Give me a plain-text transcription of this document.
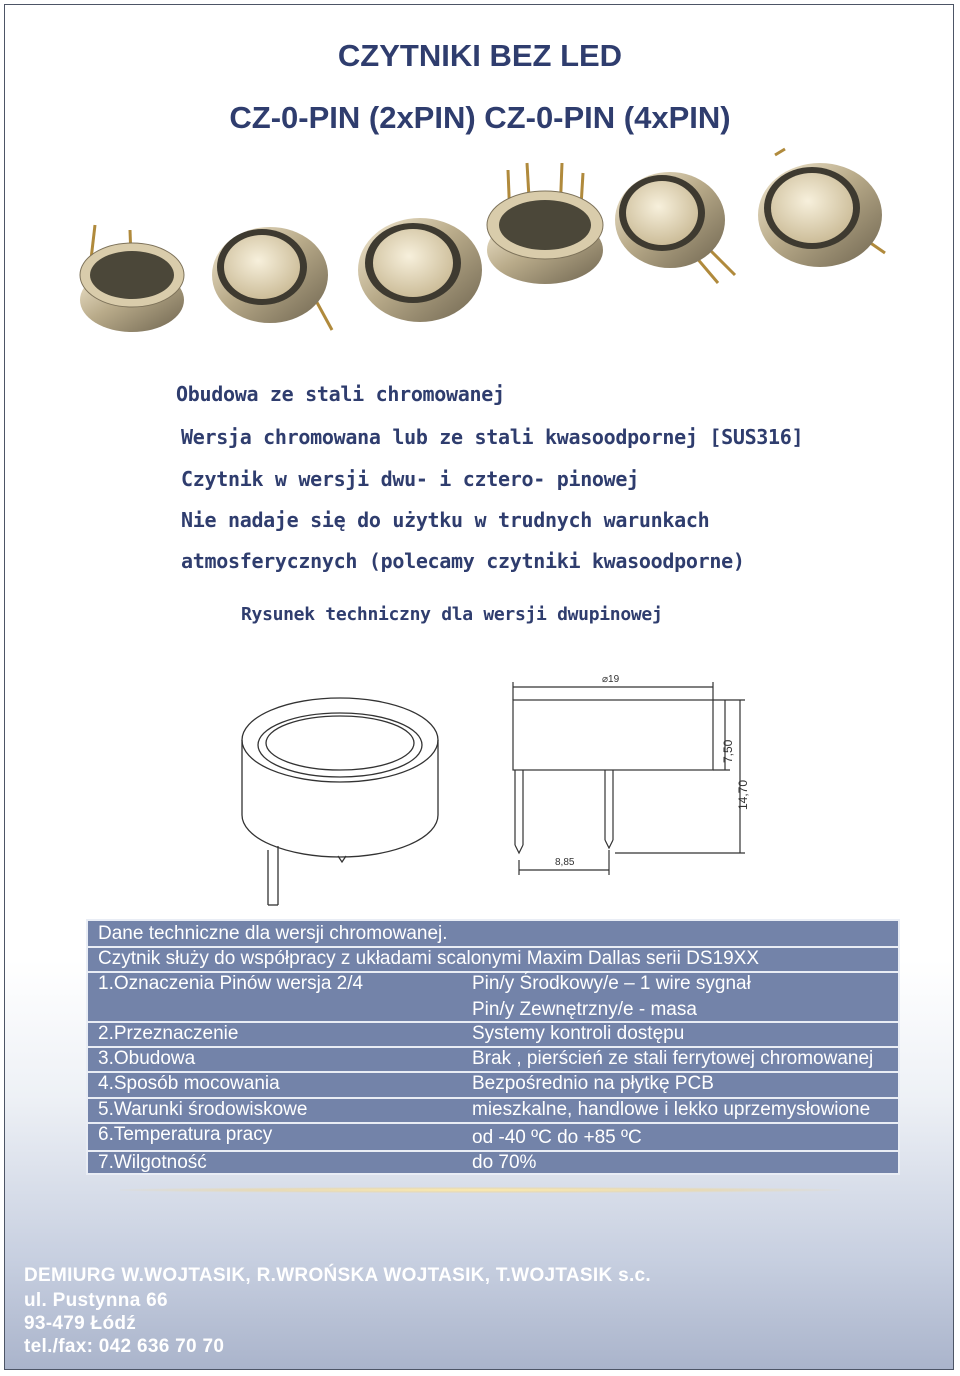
CZYTNIKI BEZ LED
CZ-0-PIN (2xPIN) CZ-0-PIN (4xPIN)
Obudowa ze stali chromowanej
Wersja chromowana lub ze stali kwasoodpornej [SUS316]
Czytnik w wersji dwu- i cztero- pinowej
Nie nadaje się do użytku w trudnych warunkach
atmosferycznych (polecamy czytniki kwasoodporne)
Rysunek techniczny dla wersji dwupinowej
⌀19
8,85
7,50
14,70
Dane techniczne dla wersji chromowanej.
Czytnik służy do współpracy z układami scalonymi Maxim Dallas serii DS19XX
1.Oznaczenia Pinów wersja 2/4	Pin/y Środkowy/e – 1 wire sygnał
Pin/y Zewnętrzny/e - masa
2.Przeznaczenie	Systemy kontroli dostępu
3.Obudowa	Brak , pierścień ze stali ferrytowej chromowanej
4.Sposób mocowania	Bezpośrednio na płytkę PCB
5.Warunki środowiskowe	mieszkalne, handlowe i lekko uprzemysłowione
6.Temperatura pracy	od -40 ºC do +85 ºC
7.Wilgotność	do 70%
DEMIURG W.WOJTASIK, R.WROŃSKA WOJTASIK, T.WOJTASIK s.c.
ul. Pustynna 66
93-479 Łódź
tel./fax: 042 636 70 70
